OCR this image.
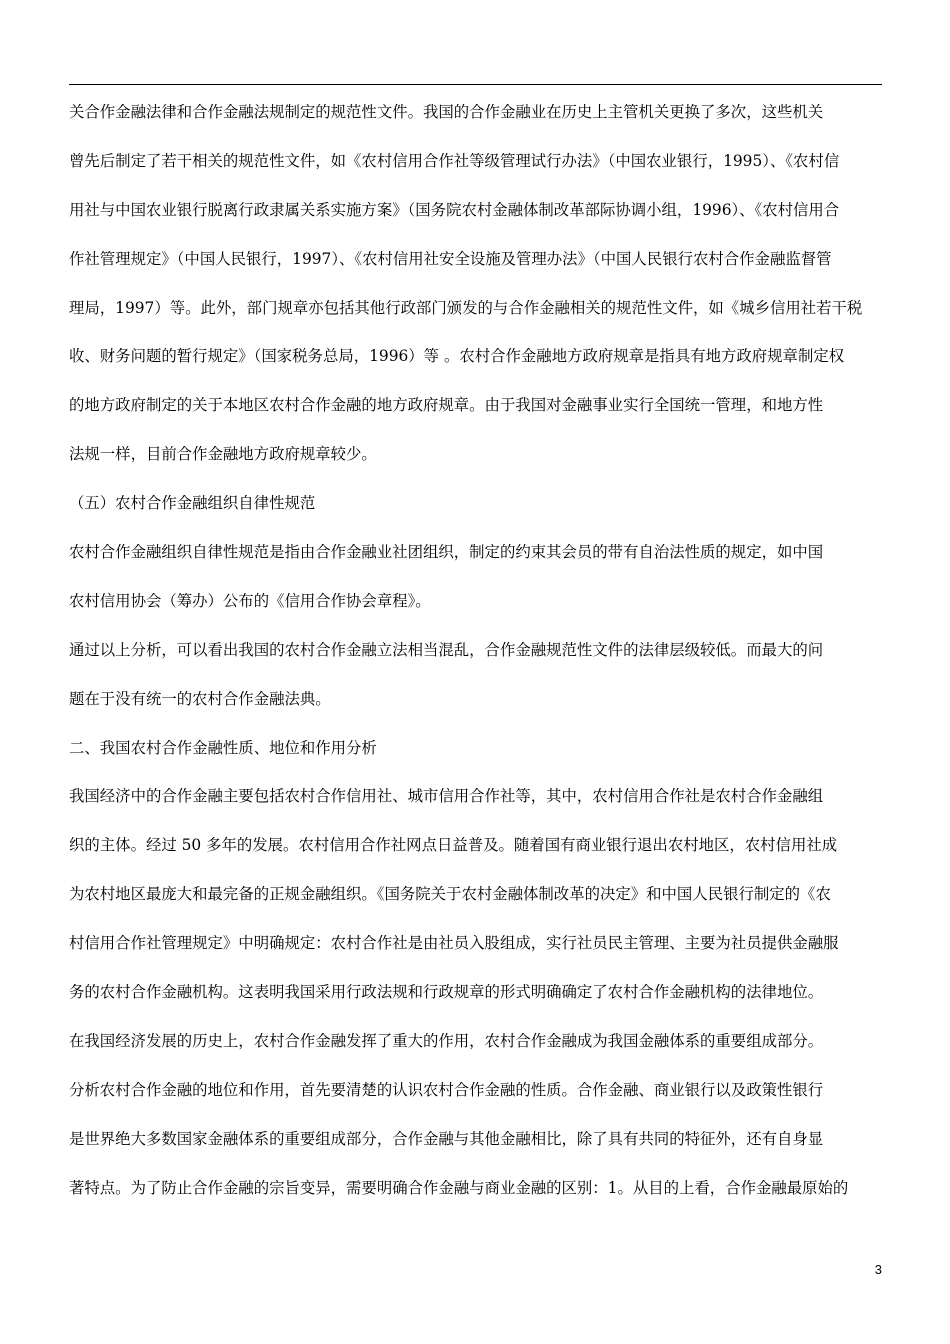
关合作金融法律和合作金融法规制定的规范性文件。我国的合作金融业在历史上主管机关更换了多次，这些机关
曾先后制定了若干相关的规范性文件，如《农村信用合作社等级管理试行办法》（中国农业银行，1995）、《农村信
用社与中国农业银行脱离行政隶属关系实施方案》（国务院农村金融体制改革部际协调小组，1996）、《农村信用合
作社管理规定》（中国人民银行，1997）、《农村信用社安全设施及管理办法》（中国人民银行农村合作金融监督管
理局，1997）等。此外，部门规章亦包括其他行政部门颁发的与合作金融相关的规范性文件，如《城乡信用社若干税
收、财务问题的暂行规定》（国家税务总局，1996）等 。农村合作金融地方政府规章是指具有地方政府规章制定权
的地方政府制定的关于本地区农村合作金融的地方政府规章。由于我国对金融事业实行全国统一管理，和地方性
法规一样，目前合作金融地方政府规章较少。
（五）农村合作金融组织自律性规范
农村合作金融组织自律性规范是指由合作金融业社团组织，制定的约束其会员的带有自治法性质的规定，如中国
农村信用协会（筹办）公布的《信用合作协会章程》。
通过以上分析，可以看出我国的农村合作金融立法相当混乱，合作金融规范性文件的法律层级较低。而最大的问
题在于没有统一的农村合作金融法典。
二、我国农村合作金融性质、地位和作用分析
我国经济中的合作金融主要包括农村合作信用社、城市信用合作社等，其中，农村信用合作社是农村合作金融组
织的主体。经过 50 多年的发展。农村信用合作社网点日益普及。随着国有商业银行退出农村地区，农村信用社成
为农村地区最庞大和最完备的正规金融组织。《国务院关于农村金融体制改革的决定》和中国人民银行制定的《农
村信用合作社管理规定》中明确规定：农村合作社是由社员入股组成，实行社员民主管理、主要为社员提供金融服
务的农村合作金融机构。这表明我国采用行政法规和行政规章的形式明确确定了农村合作金融机构的法律地位。
在我国经济发展的历史上，农村合作金融发挥了重大的作用，农村合作金融成为我国金融体系的重要组成部分。
分析农村合作金融的地位和作用，首先要清楚的认识农村合作金融的性质。合作金融、商业银行以及政策性银行
是世界绝大多数国家金融体系的重要组成部分，合作金融与其他金融相比，除了具有共同的特征外，还有自身显
著特点。为了防止合作金融的宗旨变异，需要明确合作金融与商业金融的区别：1。从目的上看，合作金融最原始的
3
